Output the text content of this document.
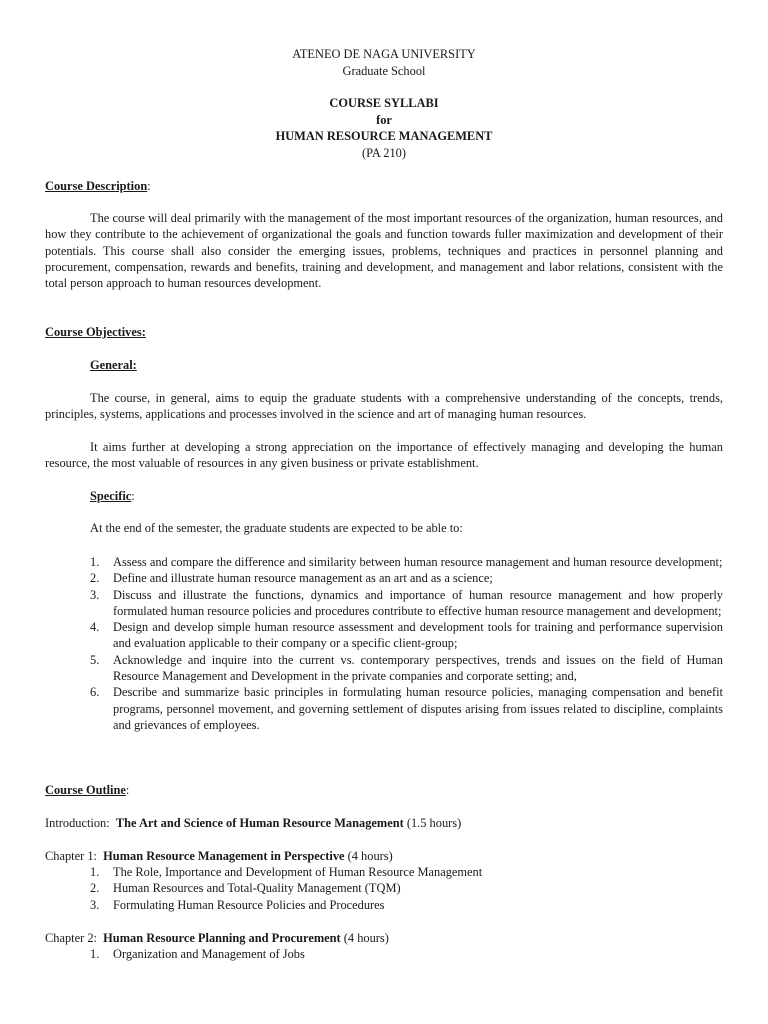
ATENEO DE NAGA UNIVERSITY
Graduate School
COURSE SYLLABI
for
HUMAN RESOURCE MANAGEMENT
(PA 210)
Course Description:
The course will deal primarily with the management of the most important resources of the organization, human resources, and how they contribute to the achievement of organizational the goals and function towards fuller maximization and development of their potentials. This course shall also consider the emerging issues, problems, techniques and practices in personnel planning and procurement, compensation, rewards and benefits, training and development, and management and labor relations, consistent with the total person approach to human resources development.
Course Objectives:
General:
The course, in general, aims to equip the graduate students with a comprehensive understanding of the concepts, trends, principles, systems, applications and processes involved in the science and art of managing human resources.
It aims further at developing a strong appreciation on the importance of effectively managing and developing the human resource, the most valuable of resources in any given business or private establishment.
Specific:
At the end of the semester, the graduate students are expected to be able to:
1. Assess and compare the difference and similarity between human resource management and human resource development;
2. Define and illustrate human resource management as an art and as a science;
3. Discuss and illustrate the functions, dynamics and importance of human resource management and how properly formulated human resource policies and procedures contribute to effective human resource management and development;
4. Design and develop simple human resource assessment and development tools for training and performance supervision and evaluation applicable to their company or a specific client-group;
5. Acknowledge and inquire into the current vs. contemporary perspectives, trends and issues on the field of Human Resource Management and Development in the private companies and corporate setting; and,
6. Describe and summarize basic principles in formulating human resource policies, managing compensation and benefit programs, personnel movement, and governing settlement of disputes arising from issues related to discipline, complaints and grievances of employees.
Course Outline:
Introduction: The Art and Science of Human Resource Management (1.5 hours)
Chapter 1: Human Resource Management in Perspective (4 hours)
1. The Role, Importance and Development of Human Resource Management
2. Human Resources and Total-Quality Management (TQM)
3. Formulating Human Resource Policies and Procedures
Chapter 2: Human Resource Planning and Procurement (4 hours)
1. Organization and Management of Jobs
